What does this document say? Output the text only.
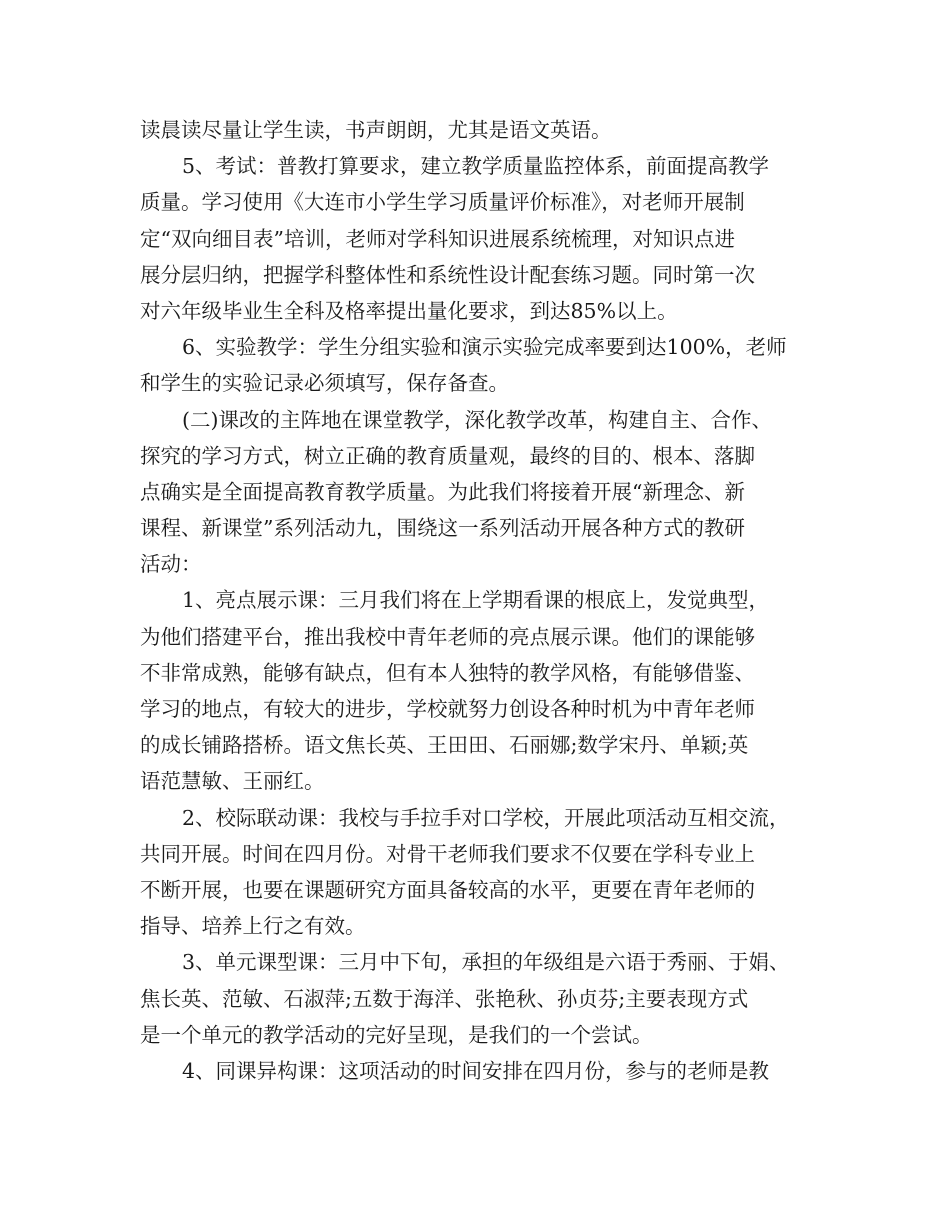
读晨读尽量让学生读，书声朗朗，尤其是语文英语。
5、考试：普教打算要求，建立教学质量监控体系，前面提高教学
质量。学习使用《大连市小学生学习质量评价标准》，对老师开展制
定“双向细目表”培训，老师对学科知识进展系统梳理，对知识点进
展分层归纳，把握学科整体性和系统性设计配套练习题。同时第一次
对六年级毕业生全科及格率提出量化要求，到达85%以上。
6、实验教学：学生分组实验和演示实验完成率要到达100%，老师
和学生的实验记录必须填写，保存备查。
(二)课改的主阵地在课堂教学，深化教学改革，构建自主、合作、
探究的学习方式，树立正确的教育质量观，最终的目的、根本、落脚
点确实是全面提高教育教学质量。为此我们将接着开展“新理念、新
课程、新课堂”系列活动九，围绕这一系列活动开展各种方式的教研
活动：
1、亮点展示课：三月我们将在上学期看课的根底上，发觉典型，
为他们搭建平台，推出我校中青年老师的亮点展示课。他们的课能够
不非常成熟，能够有缺点，但有本人独特的教学风格，有能够借鉴、
学习的地点，有较大的进步，学校就努力创设各种时机为中青年老师
的成长铺路搭桥。语文焦长英、王田田、石丽娜;数学宋丹、单颖;英
语范慧敏、王丽红。
2、校际联动课：我校与手拉手对口学校，开展此项活动互相交流，
共同开展。时间在四月份。对骨干老师我们要求不仅要在学科专业上
不断开展，也要在课题研究方面具备较高的水平，更要在青年老师的
指导、培养上行之有效。
3、单元课型课：三月中下旬，承担的年级组是六语于秀丽、于娟、
焦长英、范敏、石淑萍;五数于海洋、张艳秋、孙贞芬;主要表现方式
是一个单元的教学活动的完好呈现，是我们的一个尝试。
4、同课异构课：这项活动的时间安排在四月份，参与的老师是教
